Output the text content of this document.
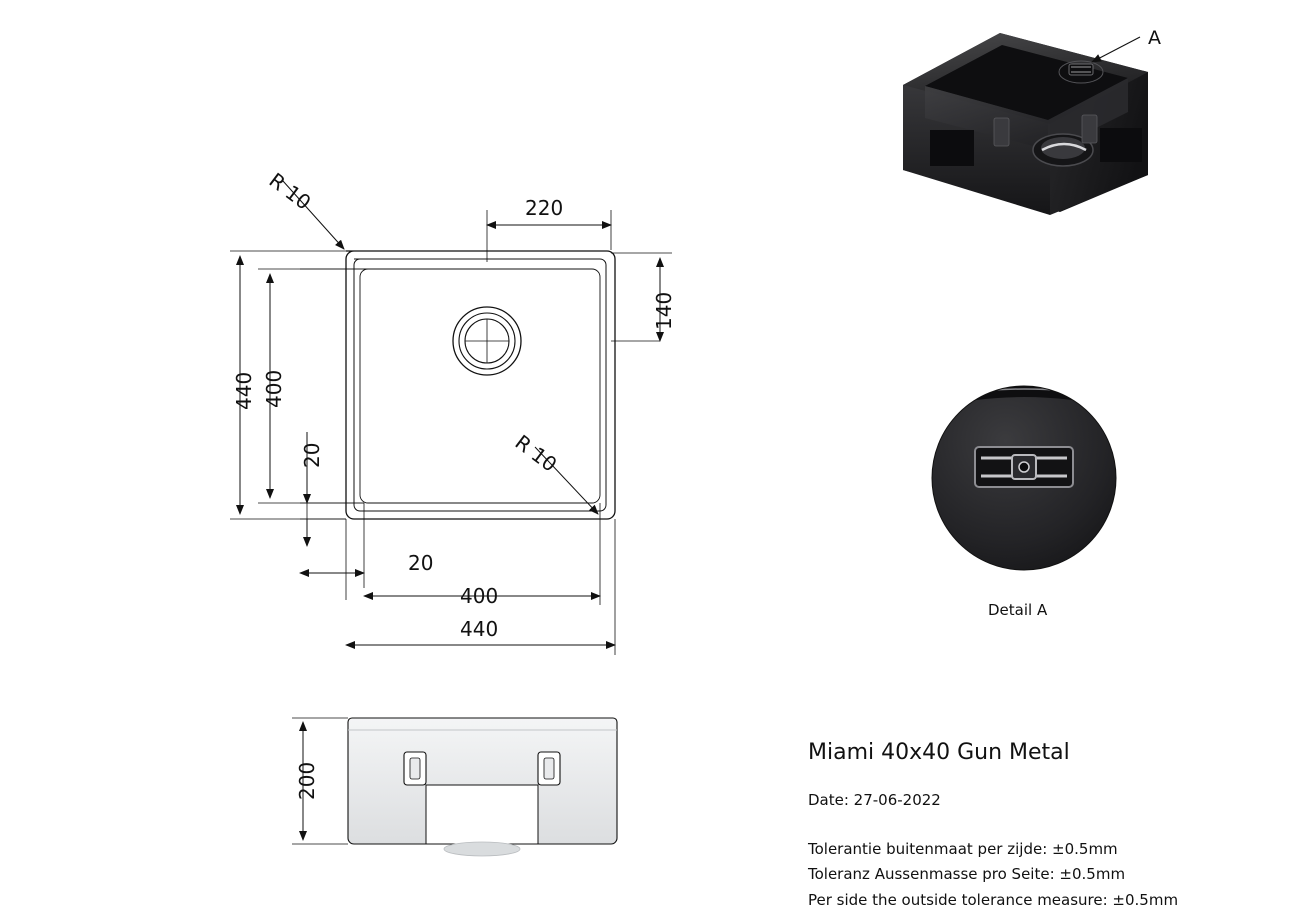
220
140
R 10
R 10
440 400
20
20
400
440
200
A
Detail A

Miami 40x40 Gun Metal

Date: 27-06-2022

Tolerantie buitenmaat per zijde: ±0.5mm

Toleranz Aussenmasse pro Seite: ±0.5mm

Per side the outside tolerance measure: ±0.5mm
